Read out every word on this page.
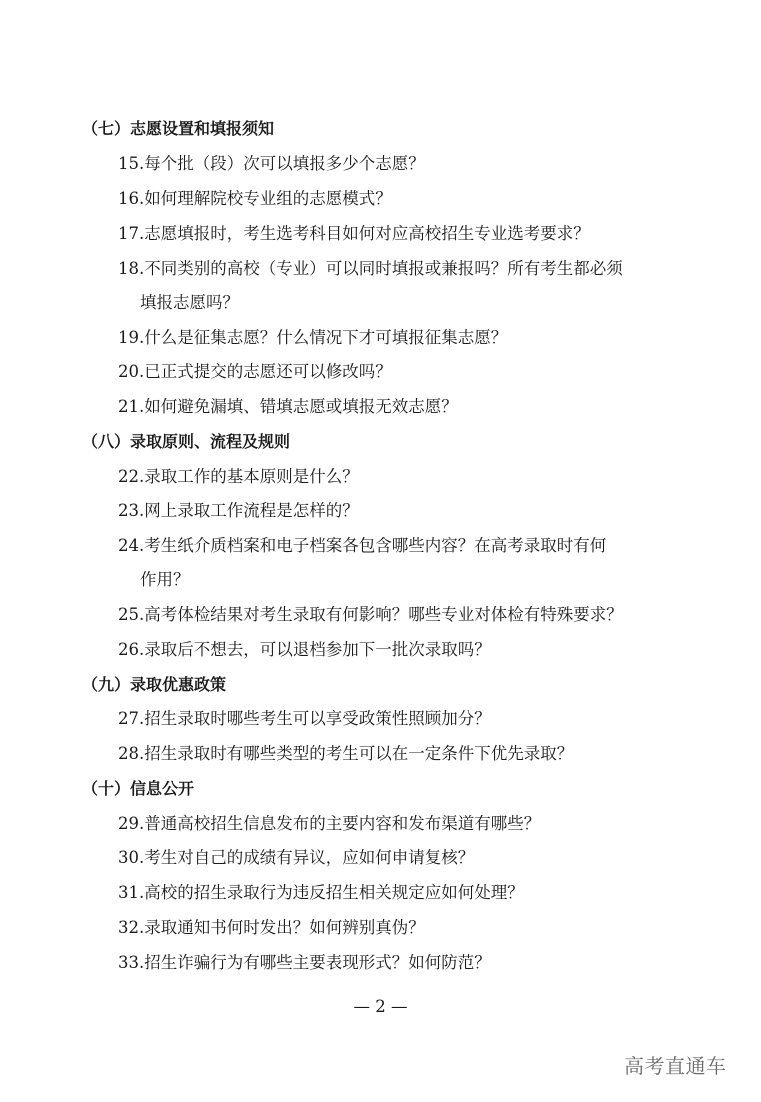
（七）志愿设置和填报须知
15.每个批（段）次可以填报多少个志愿？
16.如何理解院校专业组的志愿模式？
17.志愿填报时，考生选考科目如何对应高校招生专业选考要求？
18.不同类别的高校（专业）可以同时填报或兼报吗？所有考生都必须
填报志愿吗？
19.什么是征集志愿？什么情况下才可填报征集志愿？
20.已正式提交的志愿还可以修改吗？
21.如何避免漏填、错填志愿或填报无效志愿？
（八）录取原则、流程及规则
22.录取工作的基本原则是什么？
23.网上录取工作流程是怎样的？
24.考生纸介质档案和电子档案各包含哪些内容？在高考录取时有何
作用？
25.高考体检结果对考生录取有何影响？哪些专业对体检有特殊要求？
26.录取后不想去，可以退档参加下一批次录取吗？
（九）录取优惠政策
27.招生录取时哪些考生可以享受政策性照顾加分？
28.招生录取时有哪些类型的考生可以在一定条件下优先录取？
（十）信息公开
29.普通高校招生信息发布的主要内容和发布渠道有哪些？
30.考生对自己的成绩有异议，应如何申请复核？
31.高校的招生录取行为违反招生相关规定应如何处理？
32.录取通知书何时发出？如何辨别真伪？
33.招生诈骗行为有哪些主要表现形式？如何防范？
— 2 —
高考直通车
